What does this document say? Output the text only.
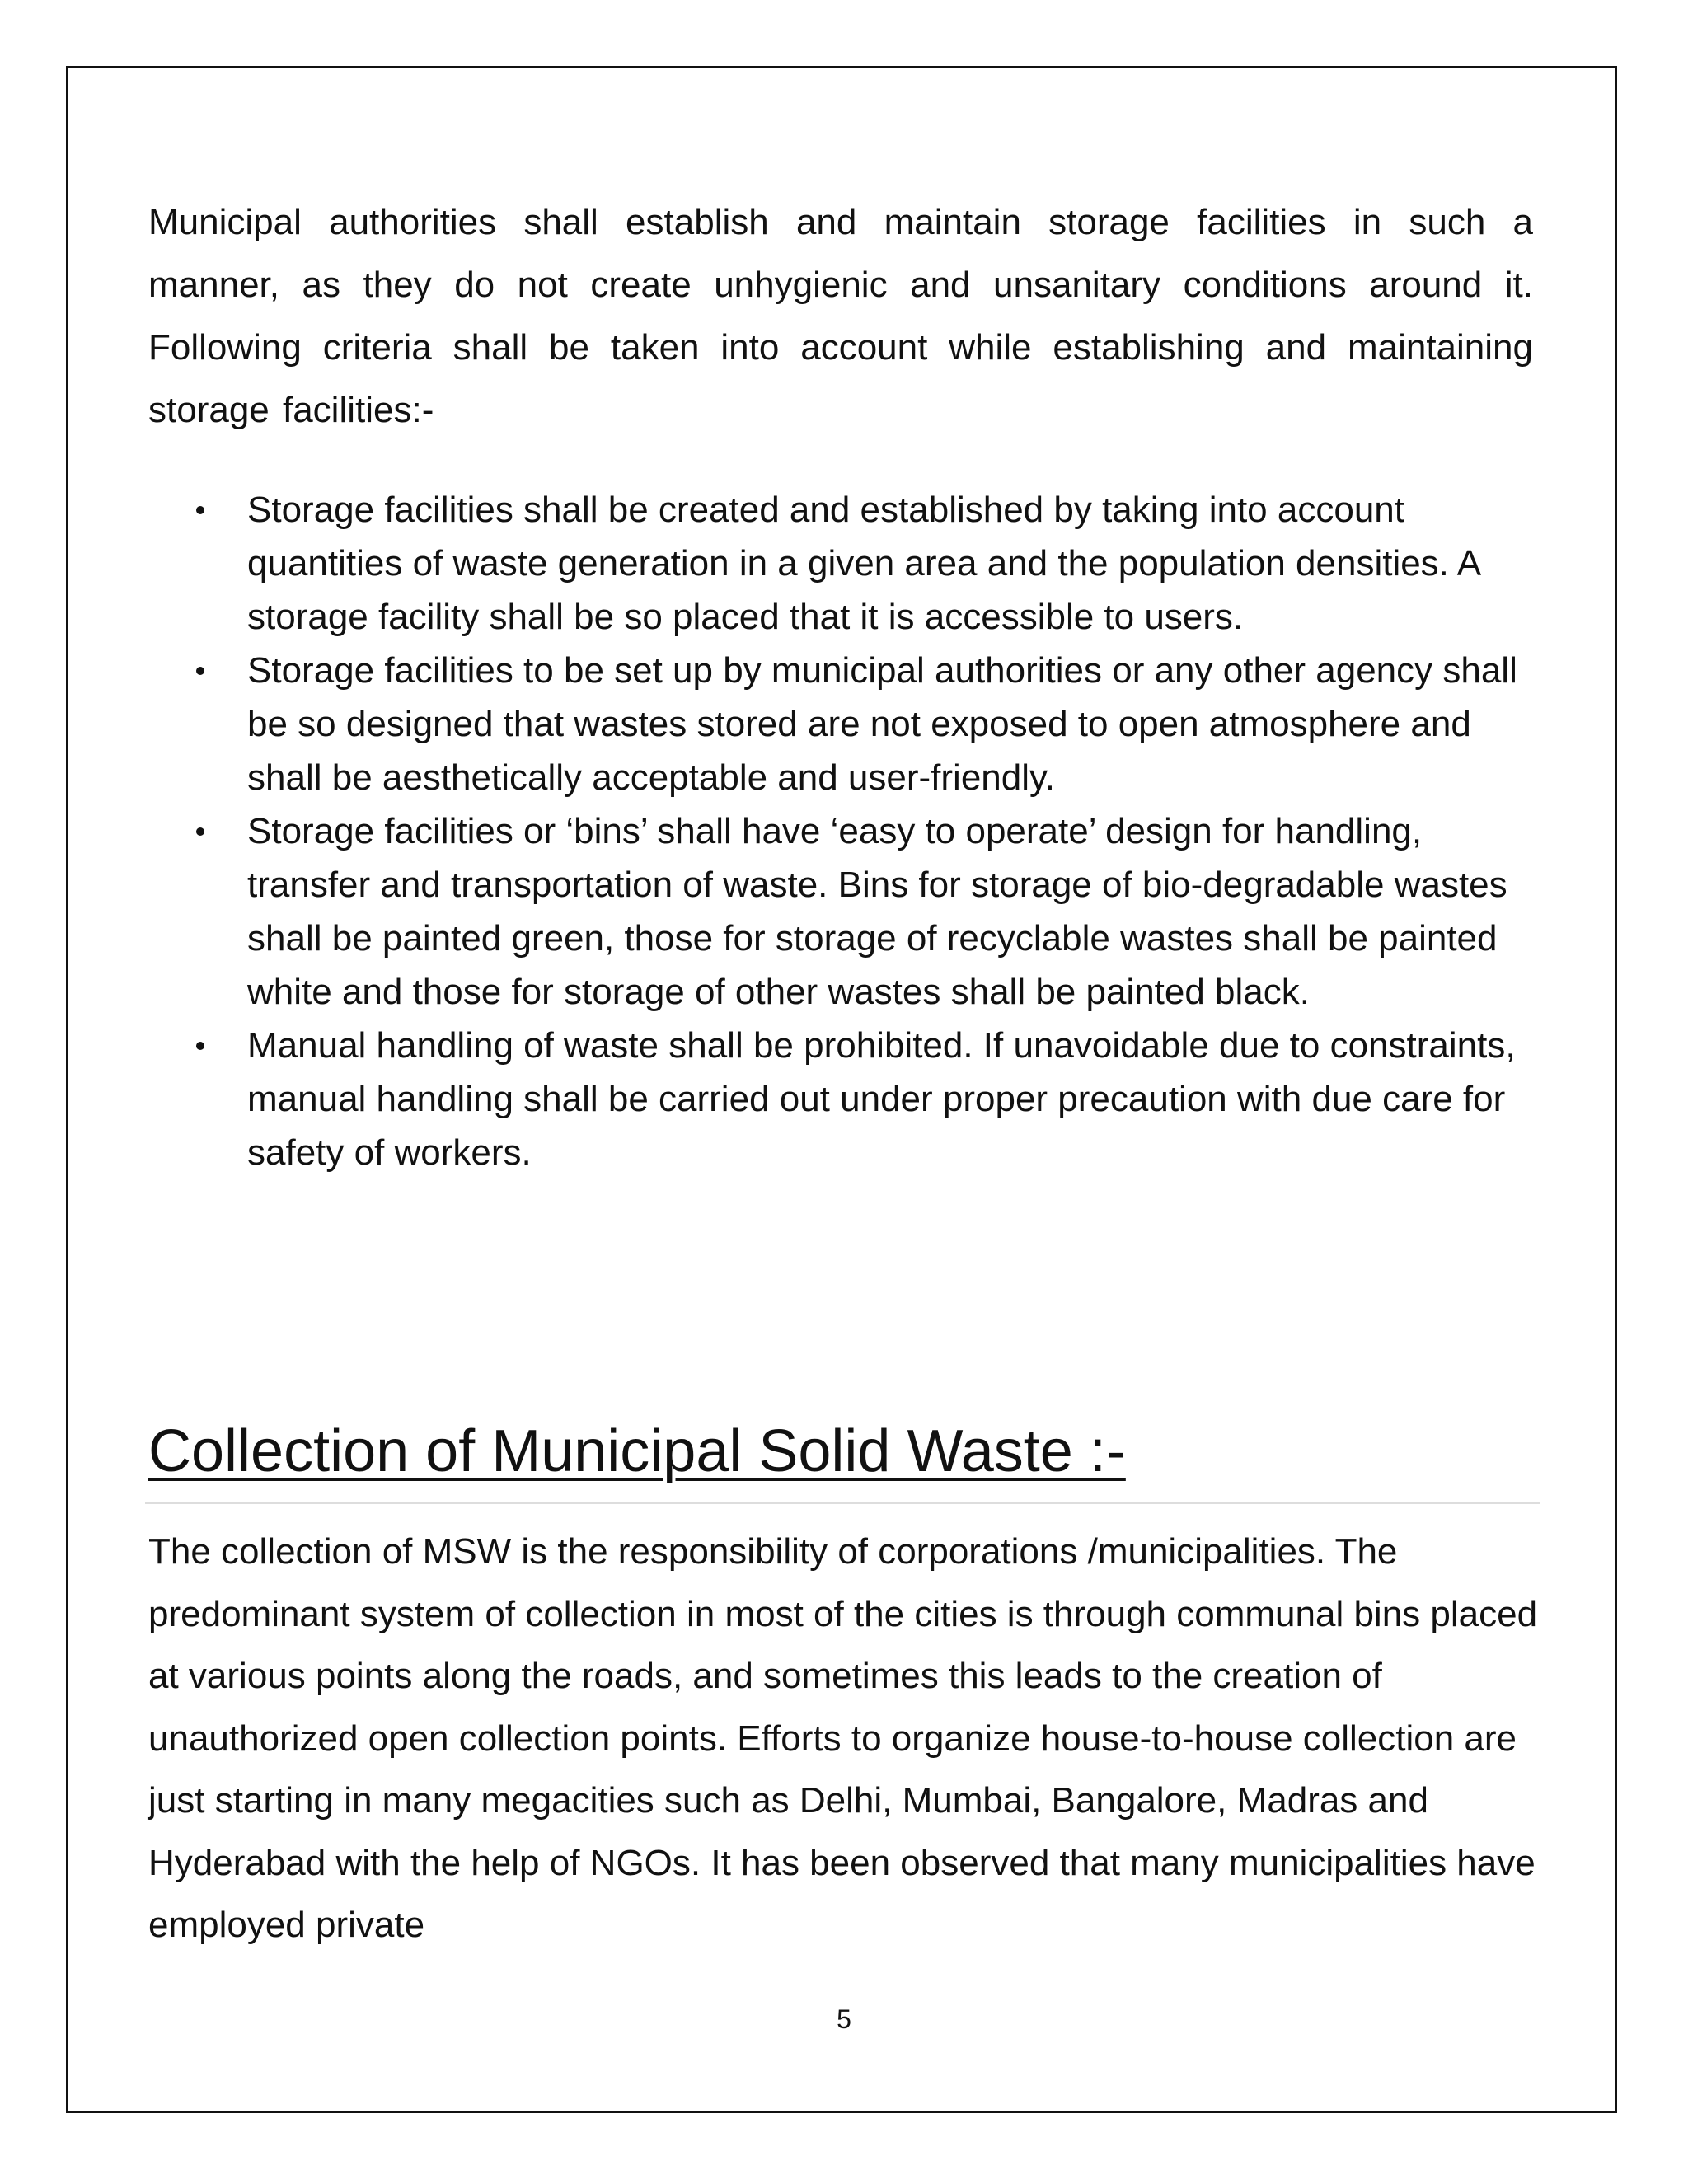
Municipal authorities shall establish and maintain storage facilities in such a manner, as they do not create unhygienic and unsanitary conditions around it. Following criteria shall be taken into account while establishing and maintaining storage facilities:-

Storage facilities shall be created and established by taking into account quantities of waste generation in a given area and the population densities. A storage facility shall be so placed that it is accessible to users.
Storage facilities to be set up by municipal authorities or any other agency shall be so designed that wastes stored are not exposed to open atmosphere and shall be aesthetically acceptable and user-friendly.
Storage facilities or ‘bins’ shall have ‘easy to operate’ design for handling, transfer and transportation of waste. Bins for storage of bio-degradable wastes shall be painted green, those for storage of recyclable wastes shall be painted white and those for storage of other wastes shall be painted black.
Manual handling of waste shall be prohibited. If unavoidable due to constraints, manual handling shall be carried out under proper precaution with due care for safety of workers.
Collection of Municipal Solid Waste :-

The collection of MSW is the responsibility of corporations /municipalities. The predominant system of collection in most of the cities is through communal bins placed at various points along the roads, and sometimes this leads to the creation of unauthorized open collection points. Efforts to organize house-to-house collection are just starting in many megacities such as Delhi, Mumbai, Bangalore, Madras and Hyderabad with the help of NGOs. It has been observed that many municipalities have employed private

5
